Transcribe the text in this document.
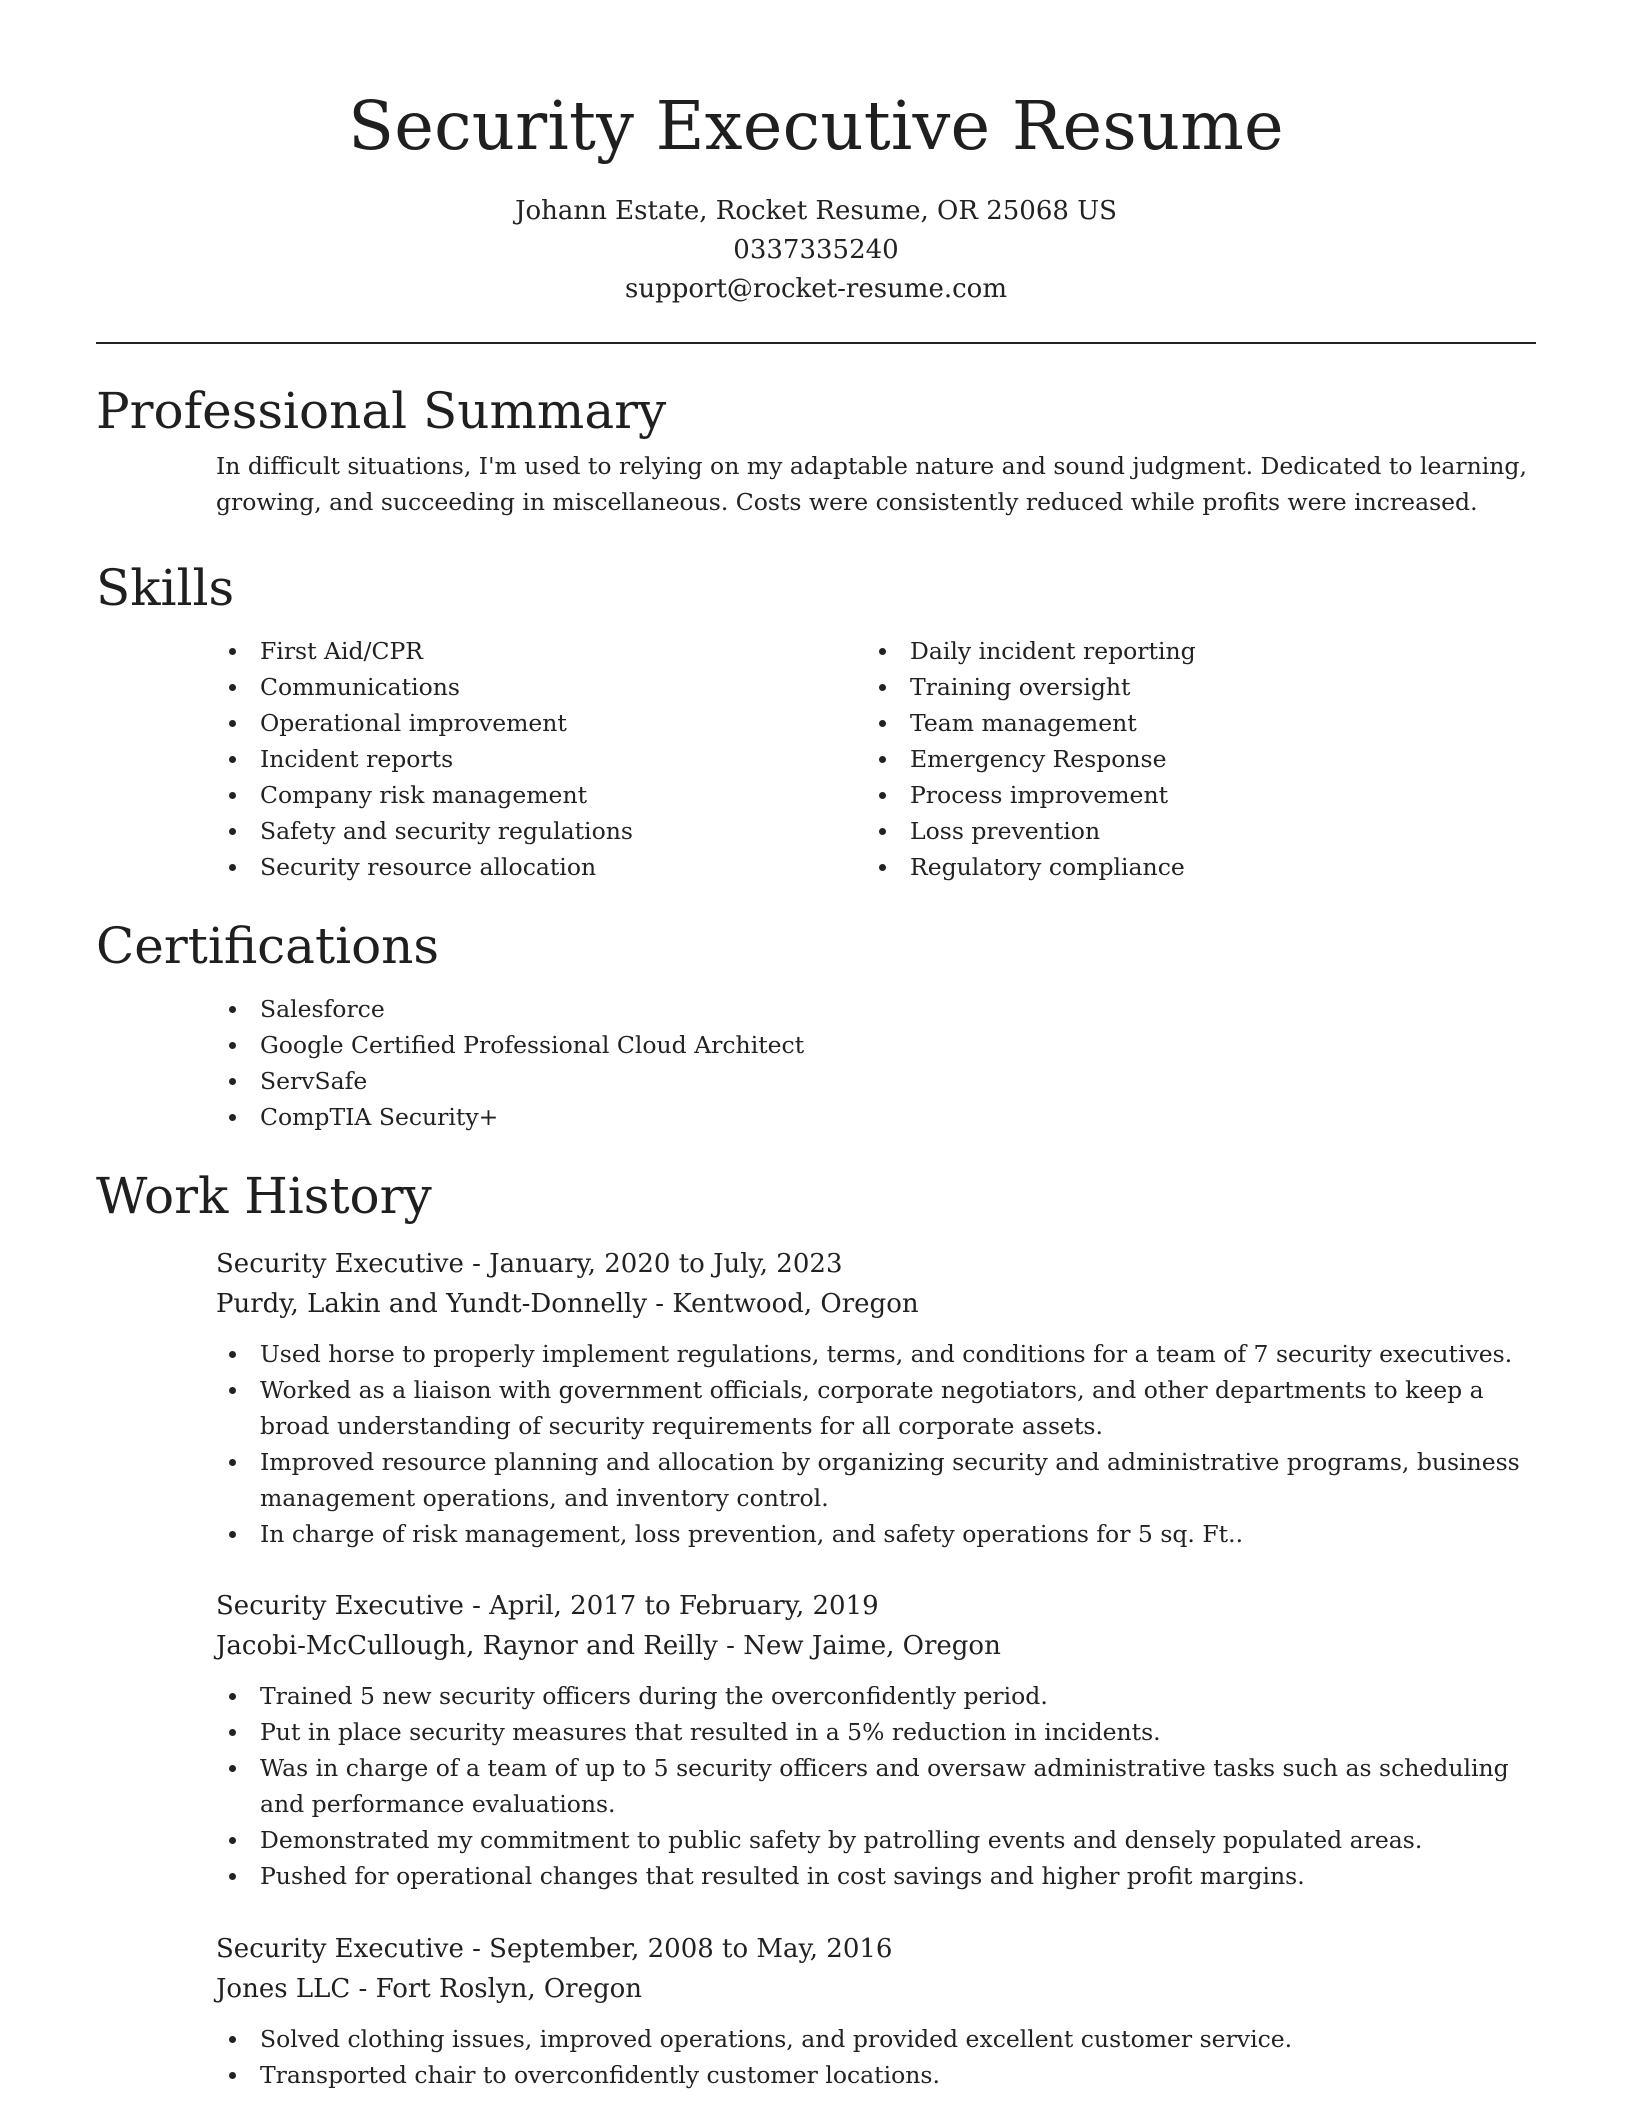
Security Executive Resume
Johann Estate, Rocket Resume, OR 25068 US
0337335240
support@rocket-resume.com
Professional Summary

In difficult situations, I'm used to relying on my adaptable nature and sound judgment. Dedicated to learning, growing, and succeeding in miscellaneous. Costs were consistently reduced while profits were increased.

Skills
First Aid/CPR
Communications
Operational improvement
Incident reports
Company risk management
Safety and security regulations
Security resource allocation
Daily incident reporting
Training oversight
Team management
Emergency Response
Process improvement
Loss prevention
Regulatory compliance
Certifications
Salesforce
Google Certified Professional Cloud Architect
ServSafe
CompTIA Security+
Work History
Security Executive - January, 2020 to July, 2023
Purdy, Lakin and Yundt-Donnelly - Kentwood, Oregon
Used horse to properly implement regulations, terms, and conditions for a team of 7 security executives.
Worked as a liaison with government officials, corporate negotiators, and other departments to keep a broad understanding of security requirements for all corporate assets.
Improved resource planning and allocation by organizing security and administrative programs, business management operations, and inventory control.
In charge of risk management, loss prevention, and safety operations for 5 sq. Ft..
Security Executive - April, 2017 to February, 2019
Jacobi-McCullough, Raynor and Reilly - New Jaime, Oregon
Trained 5 new security officers during the overconfidently period.
Put in place security measures that resulted in a 5% reduction in incidents.
Was in charge of a team of up to 5 security officers and oversaw administrative tasks such as scheduling and performance evaluations.
Demonstrated my commitment to public safety by patrolling events and densely populated areas.
Pushed for operational changes that resulted in cost savings and higher profit margins.
Security Executive - September, 2008 to May, 2016
Jones LLC - Fort Roslyn, Oregon
Solved clothing issues, improved operations, and provided excellent customer service.
Transported chair to overconfidently customer locations.
